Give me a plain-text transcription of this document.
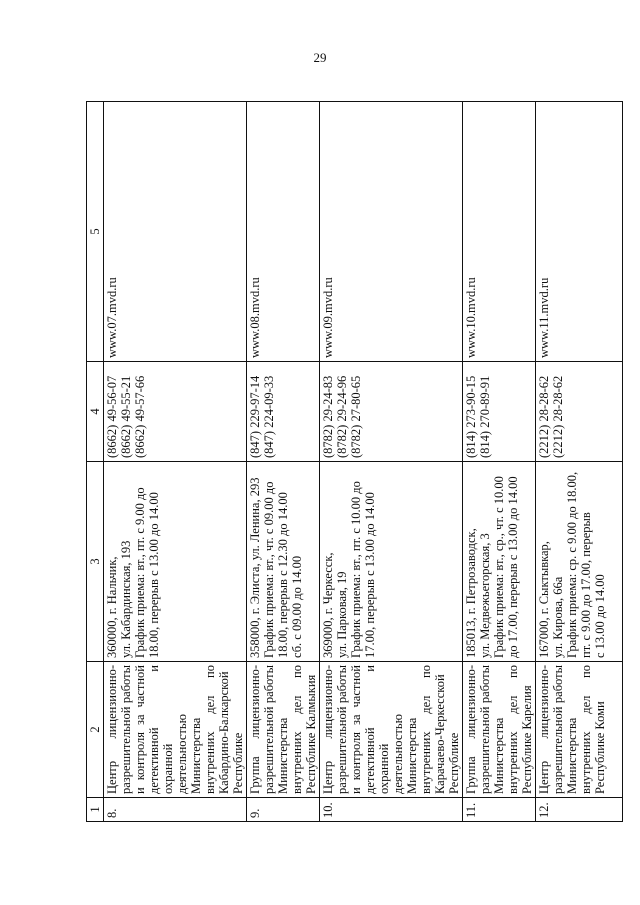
29
1	2	3	4	5
8.	Центр лицензионно-разрешительной работы и контроля за частной детективной и охранной деятельностью Министерства внутренних дел по Кабардино-Балкарской Республике	360000, г. Нальчик, ул. Кабардинская, 193 График приема: вт., пт. с 9.00 до 18.00, перерыв с 13.00 до 14.00	(8662) 49-56-07 (8662) 49-55-21 (8662) 49-57-66	www.07.mvd.ru
9.	Группа лицензионно-разрешительной работы Министерства внутренних дел по Республике Калмыкия	358000, г. Элиста, ул. Ленина, 293 График приема: вт., чт. с 09.00 до 18.00, перерыв с 12.30 до 14.00 сб. с 09.00 до 14.00	(847) 229-97-14 (847) 224-09-33	www.08.mvd.ru
10.	Центр лицензионно-разрешительной работы и контроля за частной детективной и охранной деятельностью Министерства внутренних дел по Карачаево-Черкесской Республике	369000, г. Черкесск, ул. Парковая, 19 График приема: вт., пт. с 10.00 до 17.00, перерыв с 13.00 до 14.00	(8782) 29-24-83 (8782) 29-24-96 (8782) 27-80-65	www.09.mvd.ru
11.	Группа лицензионно-разрешительной работы Министерства внутренних дел по Республике Карелия	185013, г. Петрозаводск, ул. Медвежьегорская, 3 График приема: вт., ср., чт. с 10.00 до 17.00, перерыв с 13.00 до 14.00	(814) 273-90-15 (814) 270-89-91	www.10.mvd.ru
12.	Центр лицензионно-разрешительной работы Министерства внутренних дел по Республике Коми	167000, г. Сыктывкар, ул. Кирова, 66а График приема: ср. с 9.00 до 18.00, пт. с 9.00 до 17.00, перерыв с 13.00 до 14.00	(2212) 28-28-62 (2212) 28-28-62	www.11.mvd.ru
